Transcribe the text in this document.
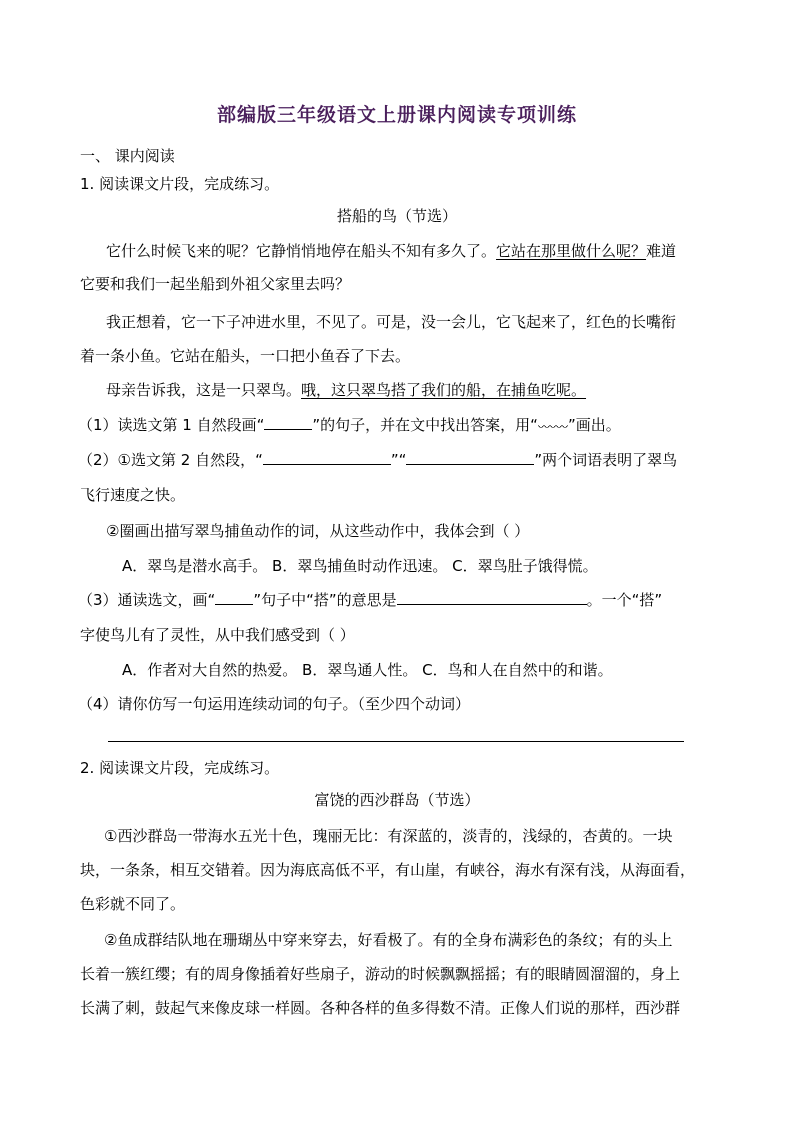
部编版三年级语文上册课内阅读专项训练
一、 课内阅读
1. 阅读课文片段，完成练习。
搭船的鸟（节选）
它什么时候飞来的呢？它静悄悄地停在船头不知有多久了。它站在那里做什么呢？难道
它要和我们一起坐船到外祖父家里去吗？
我正想着，它一下子冲进水里，不见了。可是，没一会儿，它飞起来了，红色的长嘴衔
着一条小鱼。它站在船头，一口把小鱼吞了下去。
母亲告诉我，这是一只翠鸟。哦，这只翠鸟搭了我们的船，在捕鱼吃呢。
（1）读选文第 1 自然段画“	”的句子，并在文中找出答案，用“ ”画出。
（2）①选文第 2 自然段，“	”“	”两个词语表明了翠鸟
飞行速度之快。
②圈画出描写翠鸟捕鱼动作的词，从这些动作中，我体会到（ ）
A．翠鸟是潜水高手。 B．翠鸟捕鱼时动作迅速。 C．翠鸟肚子饿得慌。
（3）通读选文，画“	”句子中“搭”的意思是	。一个“搭”
字使鸟儿有了灵性，从中我们感受到（ ）
A．作者对大自然的热爱。 B．翠鸟通人性。 C．鸟和人在自然中的和谐。
（4）请你仿写一句运用连续动词的句子。（至少四个动词）
2. 阅读课文片段，完成练习。
富饶的西沙群岛（节选）
①西沙群岛一带海水五光十色，瑰丽无比：有深蓝的，淡青的，浅绿的，杏黄的。一块
块，一条条，相互交错着。因为海底高低不平，有山崖，有峡谷，海水有深有浅，从海面看，
色彩就不同了。
②鱼成群结队地在珊瑚丛中穿来穿去，好看极了。有的全身布满彩色的条纹；有的头上
长着一簇红缨；有的周身像插着好些扇子，游动的时候飘飘摇摇；有的眼睛圆溜溜的，身上
长满了刺，鼓起气来像皮球一样圆。各种各样的鱼多得数不清。正像人们说的那样，西沙群
